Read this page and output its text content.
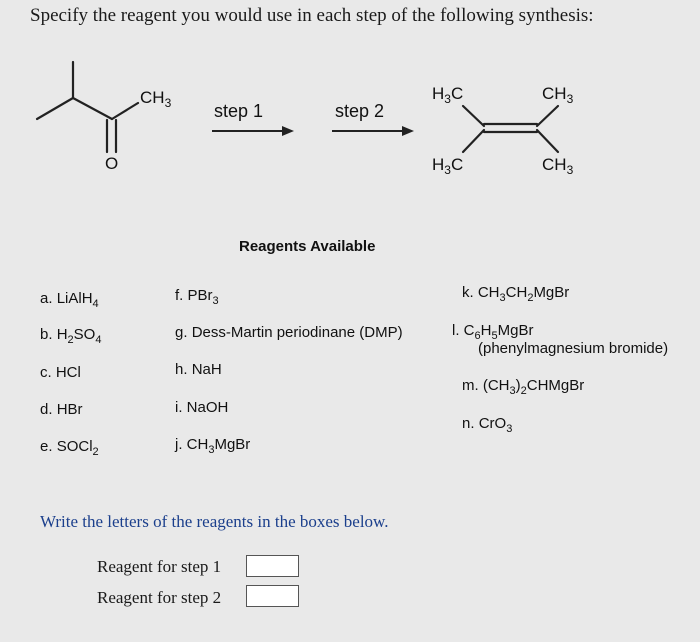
Specify the reagent you would use in each step of the following synthesis:
$CH_3$
O
step 1	step 2
$H_3C$	$CH_3$
$H_3C$	$CH_3$
Reagents Available
a. LiAlH$_4$
b. $H_2SO_4$
c. HCl
d. HBr
e. SOCl$_2$
f. PBr$_3$
g. Dess-Martin periodinane (DMP)
h. NaH
i. NaOH
j. $CH_3MgBr$
k. $CH_3CH_2MgBr$
l. $C_6H_5MgBr$
(phenylmagnesium bromide)
m. $(CH_3)_2CHMgBr$
n. CrO$_3$
Write the letters of the reagents in the boxes below.
Reagent for step 1
Reagent for step 2
